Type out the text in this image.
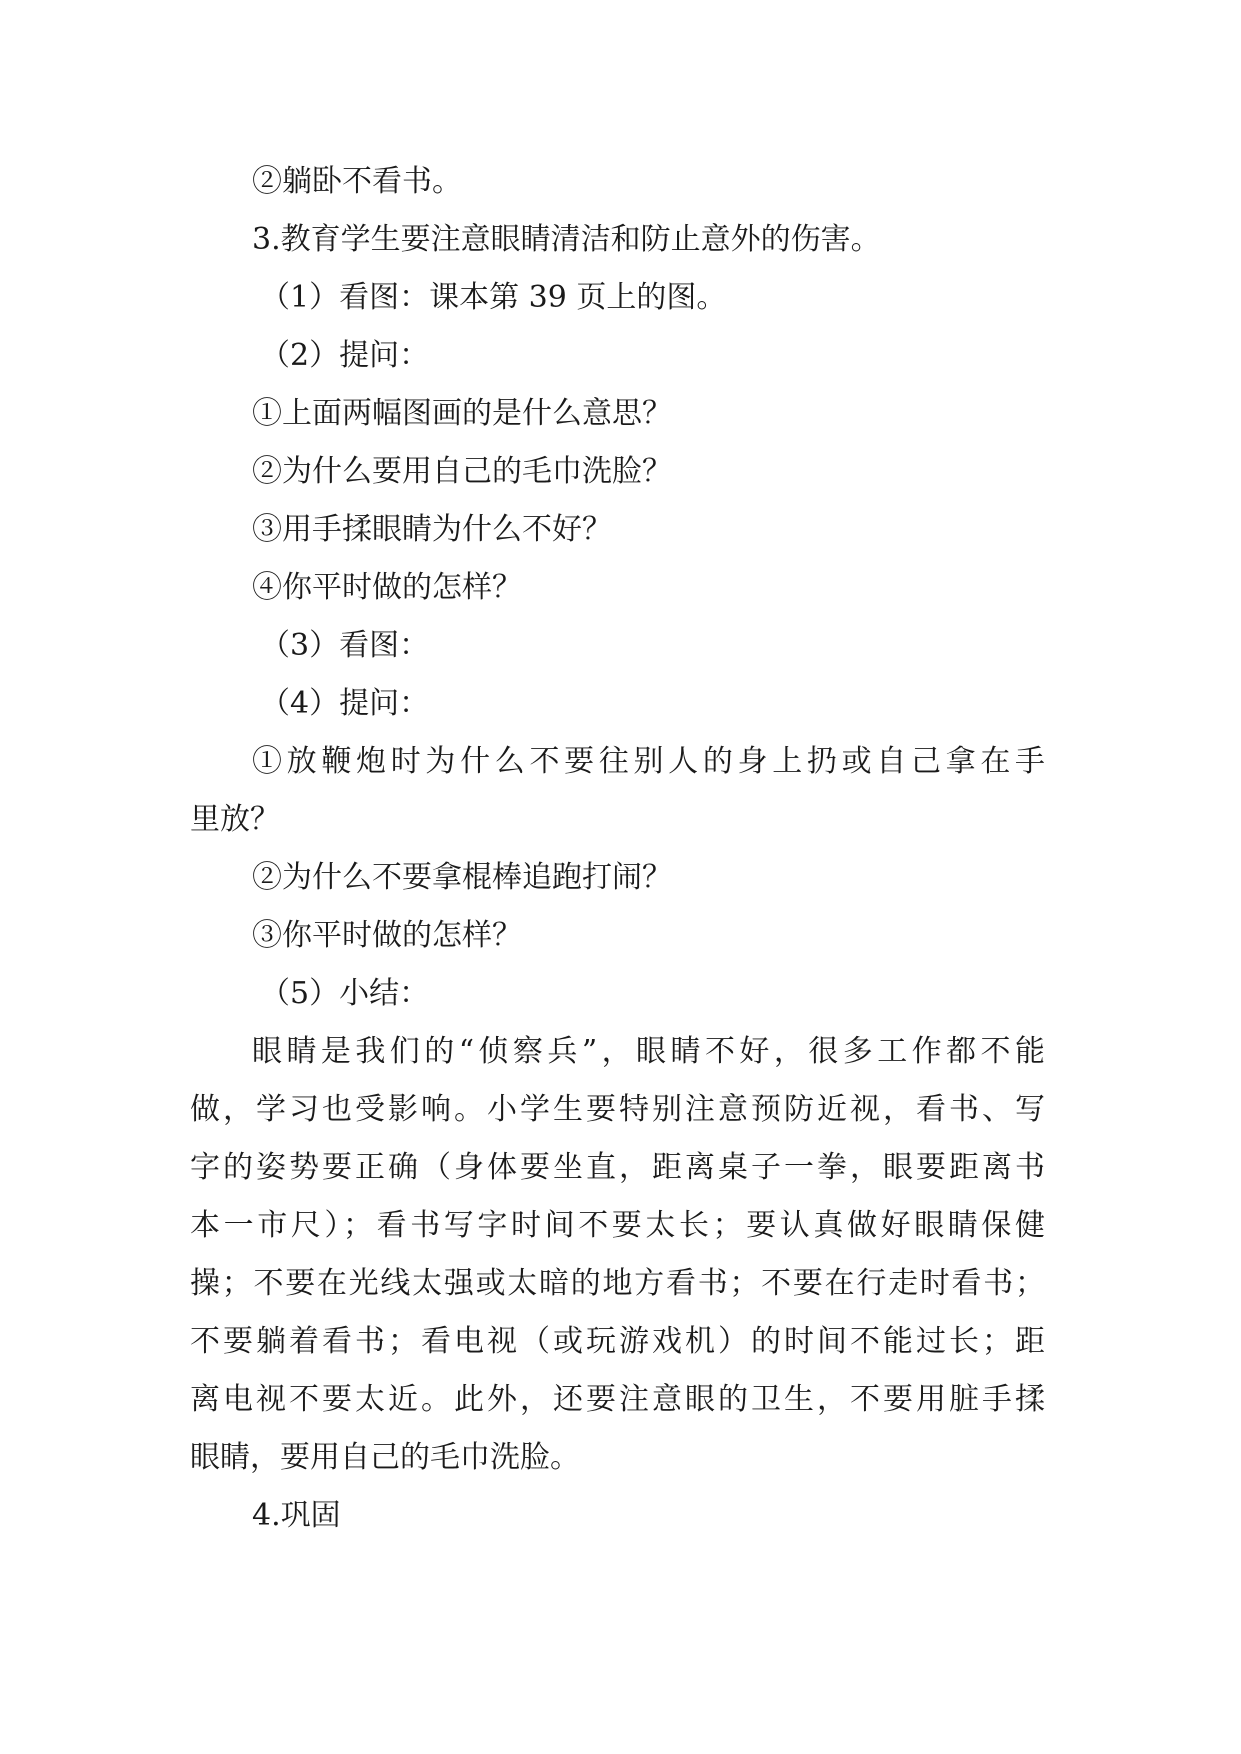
②躺卧不看书。
3.教育学生要注意眼睛清洁和防止意外的伤害。
（1）看图：课本第 39 页上的图。
（2）提问：
①上面两幅图画的是什么意思？
②为什么要用自己的毛巾洗脸？
③用手揉眼睛为什么不好？
④你平时做的怎样？
（3）看图：
（4）提问：
①放鞭炮时为什么不要往别人的身上扔或自己拿在手
里放？
②为什么不要拿棍棒追跑打闹？
③你平时做的怎样？
（5）小结：
眼睛是我们的“侦察兵”，眼睛不好，很多工作都不能
做，学习也受影响。小学生要特别注意预防近视，看书、写
字的姿势要正确（身体要坐直，距离桌子一拳，眼要距离书
本一市尺）；看书写字时间不要太长；要认真做好眼睛保健
操；不要在光线太强或太暗的地方看书；不要在行走时看书；
不要躺着看书；看电视（或玩游戏机）的时间不能过长；距
离电视不要太近。此外，还要注意眼的卫生，不要用脏手揉
眼睛，要用自己的毛巾洗脸。
4.巩固
